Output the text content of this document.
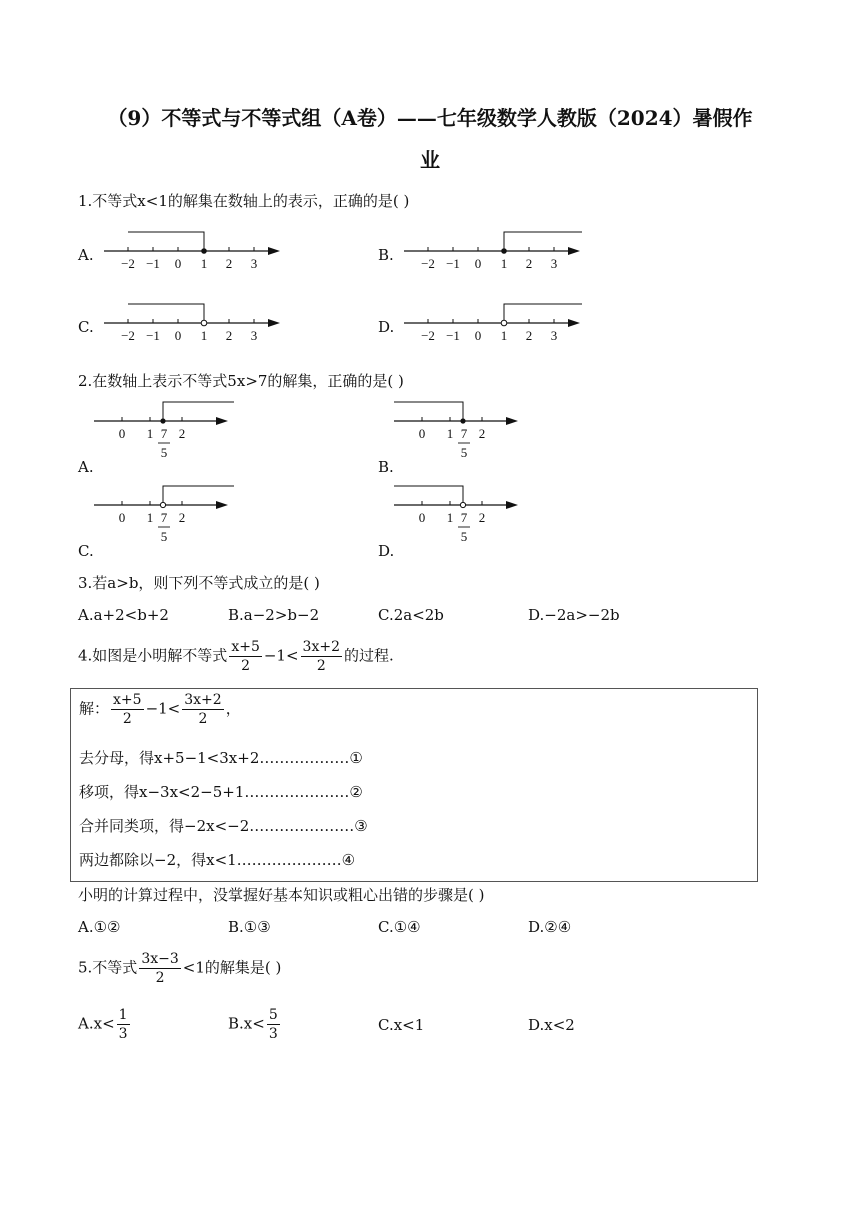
（9）不等式与不等式组（A卷）——七年级数学人教版（2024）暑假作
业
1.不等式x<1的解集在数轴上的表示，正确的是( )
A.	B.
C.	D.
−2 −1 0 1 2 3	−2 −1 0 1 2 3
−2 −1 0 1 2 3	−2 −1 0 1 2 3
2.在数轴上表示不等式5x>7的解集，正确的是( )
A.	B.
C.	D.
0 1 2
7
5
0 1 2
7
5
0 1 2
7
5
0 1 2
7
5
3.若a>b，则下列不等式成立的是( )
A.a+2<b+2	B.a−2>b−2	C.2a<2b	D.−2a>−2b
4.如图是小明解不等式 $\frac{x+5}{2} -1< \frac{3x+2}{2}$ 的过程.
解： $\frac{x+5}{2} -1< \frac{3x+2}{2}$ ，
去分母，得x+5−1<3x+2………………①
移项，得x−3x<2−5+1…………………②
合并同类项，得−2x<−2…………………③
两边都除以−2，得x<1…………………④
小明的计算过程中，没掌握好基本知识或粗心出错的步骤是( )
A.①②	B.①③	C.①④	D.②④
5.不等式 $\frac{3x-3}{2} <1$的解集是( )
$A.x< \frac{1}{3}$	$B.x< \frac{5}{3}$	C.x<1	D.x<2
